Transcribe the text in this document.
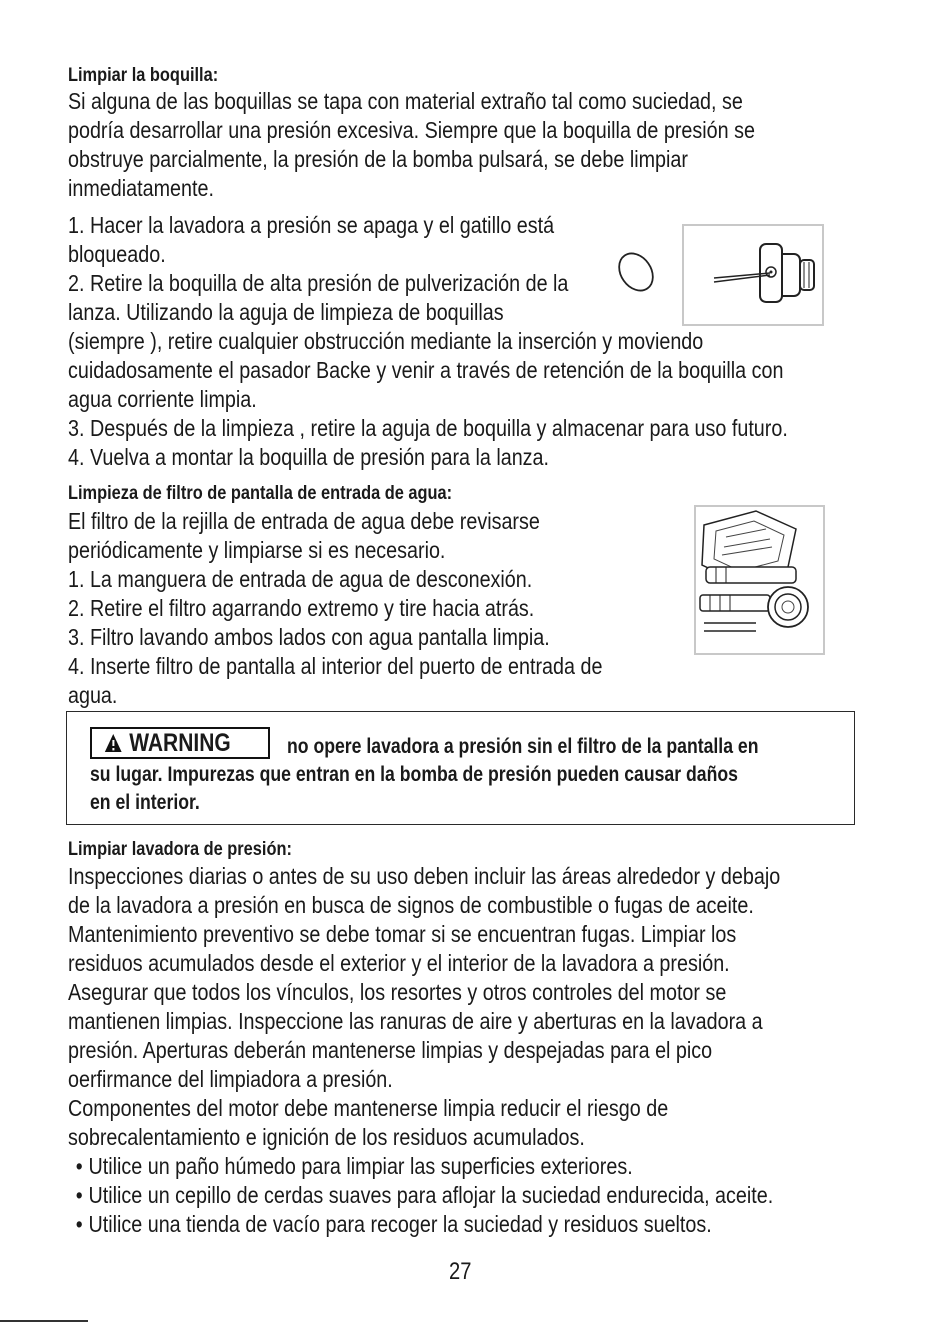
Limpiar la boquilla:
Si alguna de las boquillas se tapa con material extraño tal como suciedad, se
podría desarrollar una presión excesiva. Siempre que la boquilla de presión se
obstruye parcialmente, la presión de la bomba pulsará, se debe limpiar
inmediatamente.
1. Hacer la lavadora a presión se apaga y el gatillo está
bloqueado.
2. Retire la boquilla de alta presión de pulverización de la
lanza. Utilizando la aguja de limpieza de boquillas
(siempre ), retire cualquier obstrucción mediante la inserción y moviendo
cuidadosamente el pasador Backe y venir a través de retención de la boquilla con
agua corriente limpia.
3. Después de la limpieza , retire la aguja de boquilla y almacenar para uso futuro.
4. Vuelva a montar la boquilla de presión para la lanza.
Limpieza de filtro de pantalla de entrada de agua:
El filtro de la rejilla de entrada de agua debe revisarse
periódicamente y limpiarse si es necesario.
1. La manguera de entrada de agua de desconexión.
2. Retire el filtro agarrando extremo y tire hacia atrás.
3. Filtro lavando ambos lados con agua pantalla limpia.
4. Inserte filtro de pantalla al interior del puerto de entrada de
agua.
WARNING	no opere lavadora a presión sin el filtro de la pantalla en
su lugar. Impurezas que entran en la bomba de presión pueden causar daños
en el interior.
Limpiar lavadora de presión:
Inspecciones diarias o antes de su uso deben incluir las áreas alrededor y debajo
de la lavadora a presión en busca de signos de combustible o fugas de aceite.
Mantenimiento preventivo se debe tomar si se encuentran fugas. Limpiar los
residuos acumulados desde el exterior y el interior de la lavadora a presión.
Asegurar que todos los vínculos, los resortes y otros controles del motor se
mantienen limpias. Inspeccione las ranuras de aire y aberturas en la lavadora a
presión. Aperturas deberán mantenerse limpias y despejadas para el pico
oerfirmance del limpiadora a presión.
Componentes del motor debe mantenerse limpia reducir el riesgo de
sobrecalentamiento e ignición de los residuos acumulados.
• Utilice un paño húmedo para limpiar las superficies exteriores.
• Utilice un cepillo de cerdas suaves para aflojar la suciedad endurecida, aceite.
• Utilice una tienda de vacío para recoger la suciedad y residuos sueltos.
27
